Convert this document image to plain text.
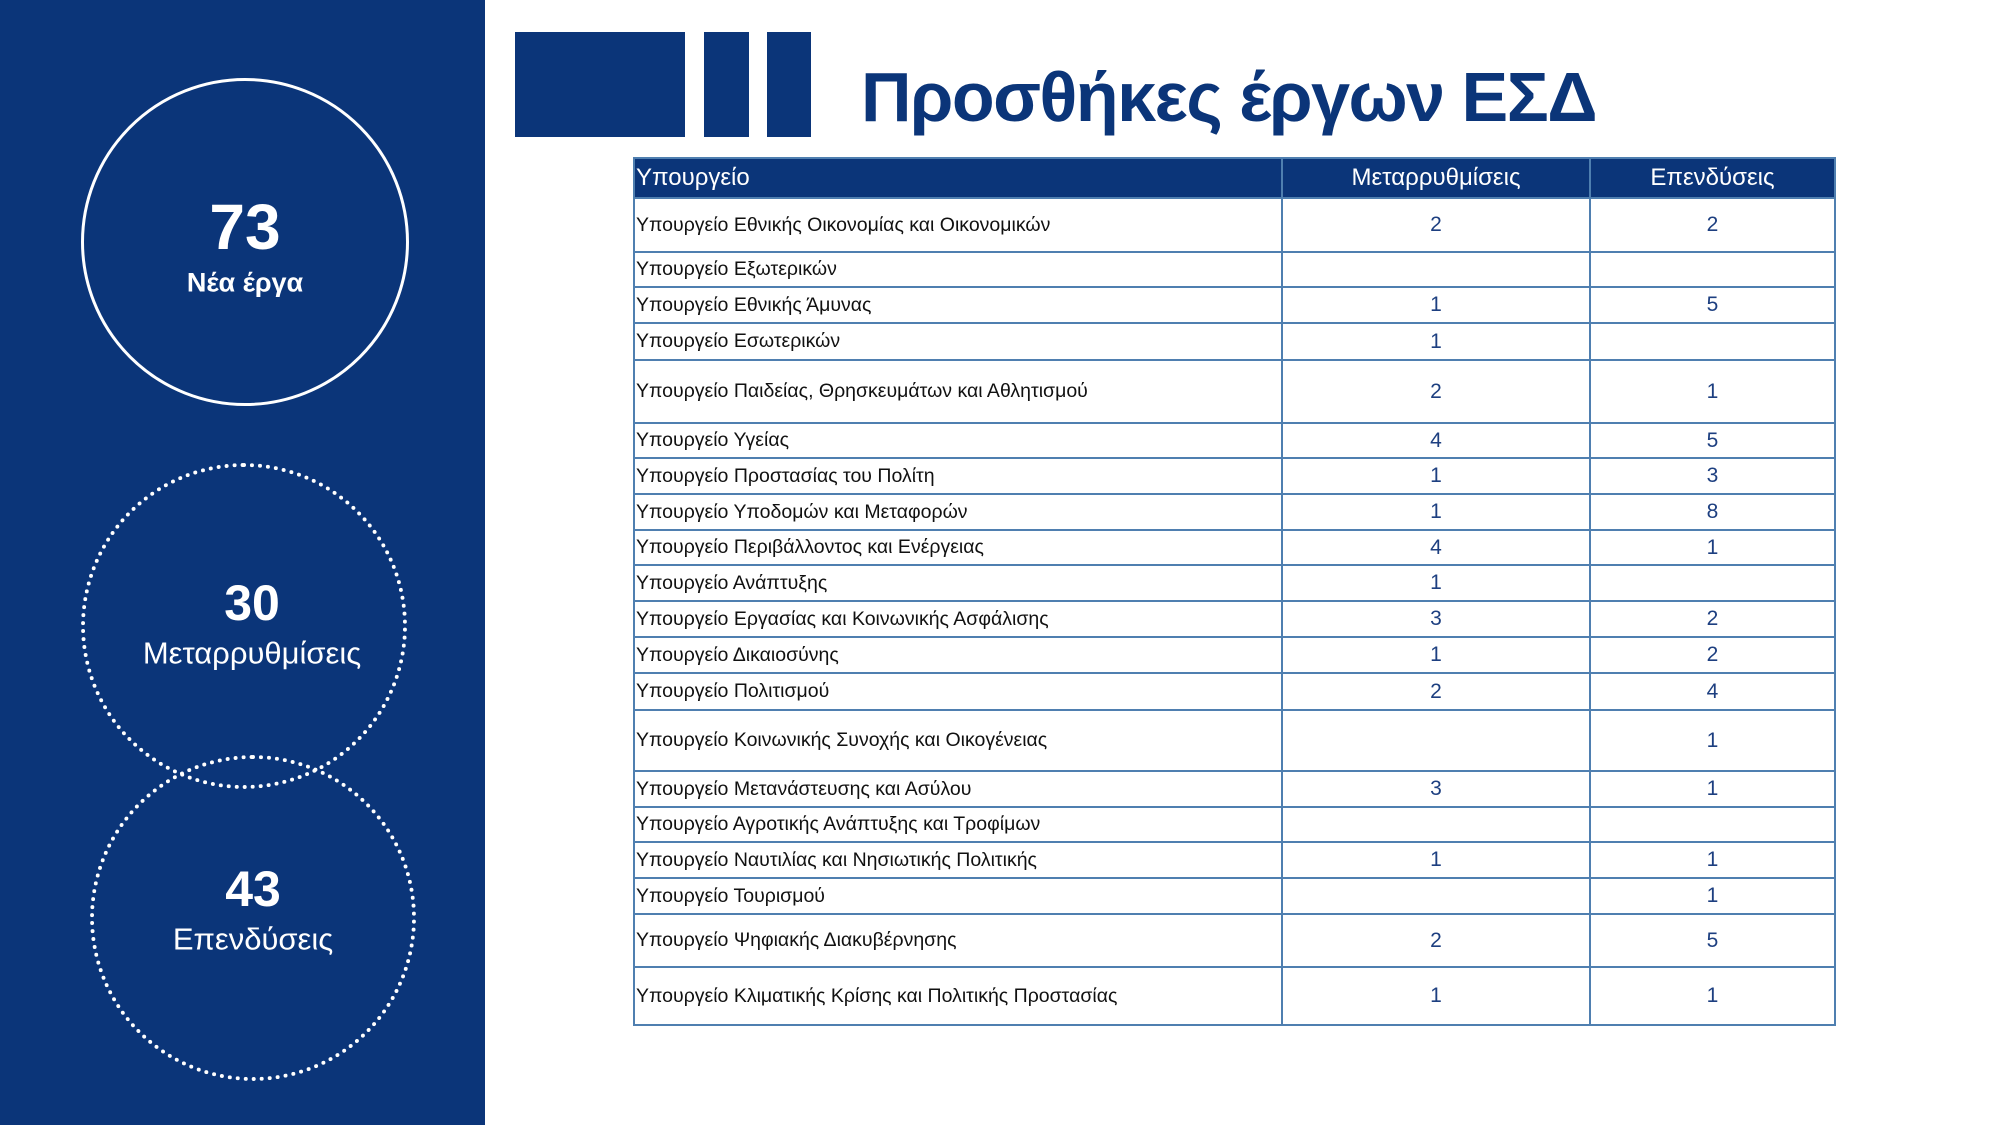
73
Νέα έργα
30
Μεταρρυθμίσεις
43
Επενδύσεις
Προσθήκες έργων ΕΣΔ
Υπουργείο	Μεταρρυθμίσεις	Επενδύσεις
Υπουργείο Εθνικής Οικονομίας και Οικονομικών	2	2
Υπουργείο Εξωτερικών		
Υπουργείο Εθνικής Άμυνας	1	5
Υπουργείο Εσωτερικών	1	
Υπουργείο Παιδείας, Θρησκευμάτων και Αθλητισμού	2	1
Υπουργείο Υγείας	4	5
Υπουργείο Προστασίας του Πολίτη	1	3
Υπουργείο Υποδομών και Μεταφορών	1	8
Υπουργείο Περιβάλλοντος και Ενέργειας	4	1
Υπουργείο Ανάπτυξης	1	
Υπουργείο Εργασίας και Κοινωνικής Ασφάλισης	3	2
Υπουργείο Δικαιοσύνης	1	2
Υπουργείο Πολιτισμού	2	4
Υπουργείο Κοινωνικής Συνοχής και Οικογένειας		1
Υπουργείο Μετανάστευσης και Ασύλου	3	1
Υπουργείο Αγροτικής Ανάπτυξης και Τροφίμων		
Υπουργείο Ναυτιλίας και Νησιωτικής Πολιτικής	1	1
Υπουργείο Τουρισμού		1
Υπουργείο Ψηφιακής Διακυβέρνησης	2	5
Υπουργείο Κλιματικής Κρίσης και Πολιτικής Προστασίας	1	1
